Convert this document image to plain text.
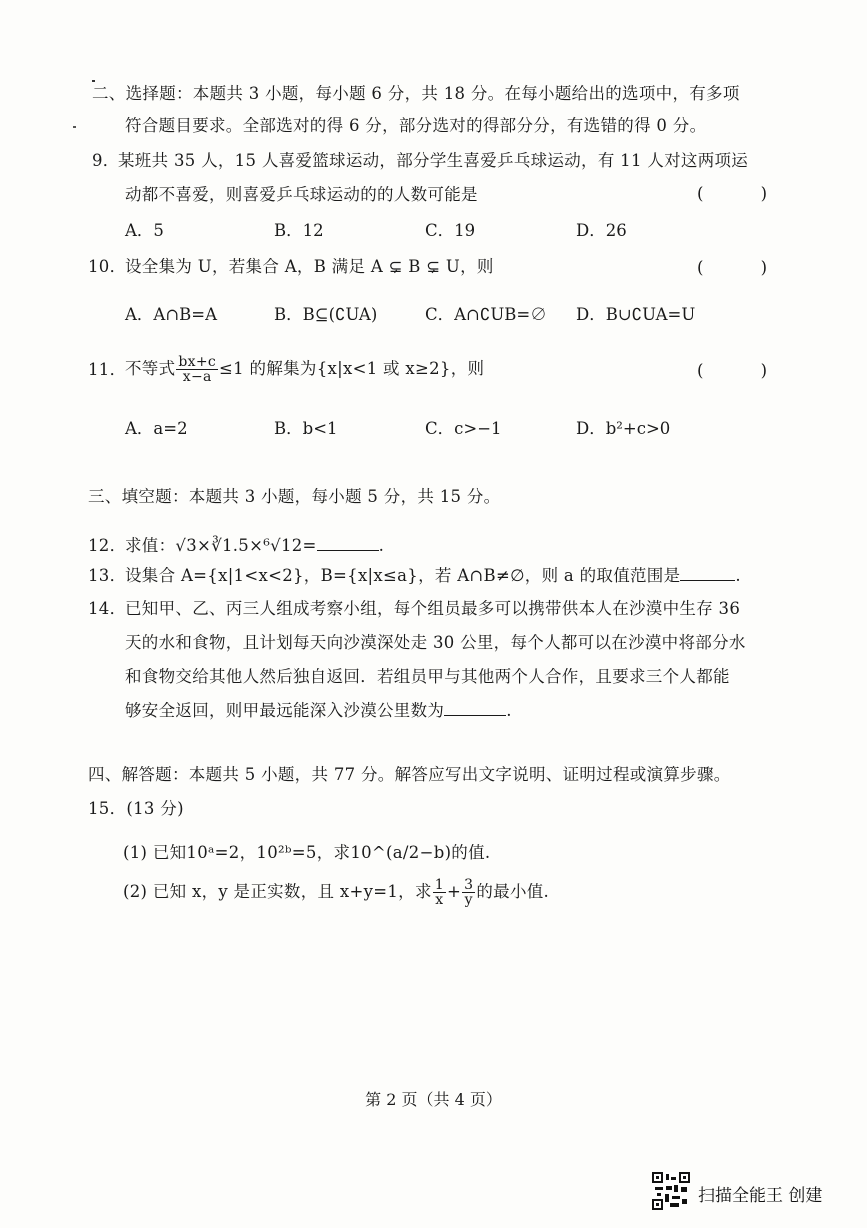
二、选择题：本题共 3 小题，每小题 6 分，共 18 分。在每小题给出的选项中，有多项
符合题目要求。全部选对的得 6 分，部分选对的得部分分，有选错的得 0 分。
9．
某班共 35 人，15 人喜爱篮球运动，部分学生喜爱乒乓球运动，有 11 人对这两项运
动都不喜爱，则喜爱乒乓球运动的的人数可能是	( )
A．5	B．12	C．19	D．26
10．
设全集为 U，若集合 A，B 满足 A ⊊ B ⊊ U，则	( )
A．A∩B=A	B．B⊆(∁UA)	C．A∩∁UB=∅ D．B∪∁UA=U
11．
不等式 $\frac{bx+c}{x-a} \le 1$ 的解集为{x|x<1 或 x≥2}，则	( )
A．a=2	B．b<1	C．c>−1	D．b²+c>0
三、填空题：本题共 3 小题，每小题 5 分，共 15 分。
12．
求值：√3×∛1.5×⁶√12=	.
13．
设集合 A={x|1<x<2}，B={x|x≤a}，若 A∩B≠∅，则 a 的取值范围是	.
14．
已知甲、乙、丙三人组成考察小组，每个组员最多可以携带供本人在沙漠中生存 36
天的水和食物，且计划每天向沙漠深处走 30 公里，每个人都可以在沙漠中将部分水
和食物交给其他人然后独自返回．若组员甲与其他两个人合作，且要求三个人都能
够安全返回，则甲最远能深入沙漠公里数为	.
四、解答题：本题共 5 小题，共 77 分。解答应写出文字说明、证明过程或演算步骤。
15．(13 分)
(1) 已知10ᵃ=2，10²ᵇ=5，求10^(a/2−b)的值.
(2) 已知 x，y 是正实数，且 x+y=1，求 $\frac{1}{x} + \frac{3}{y}$ 的最小值.
第 2 页（共 4 页）
扫描全能王 创建
